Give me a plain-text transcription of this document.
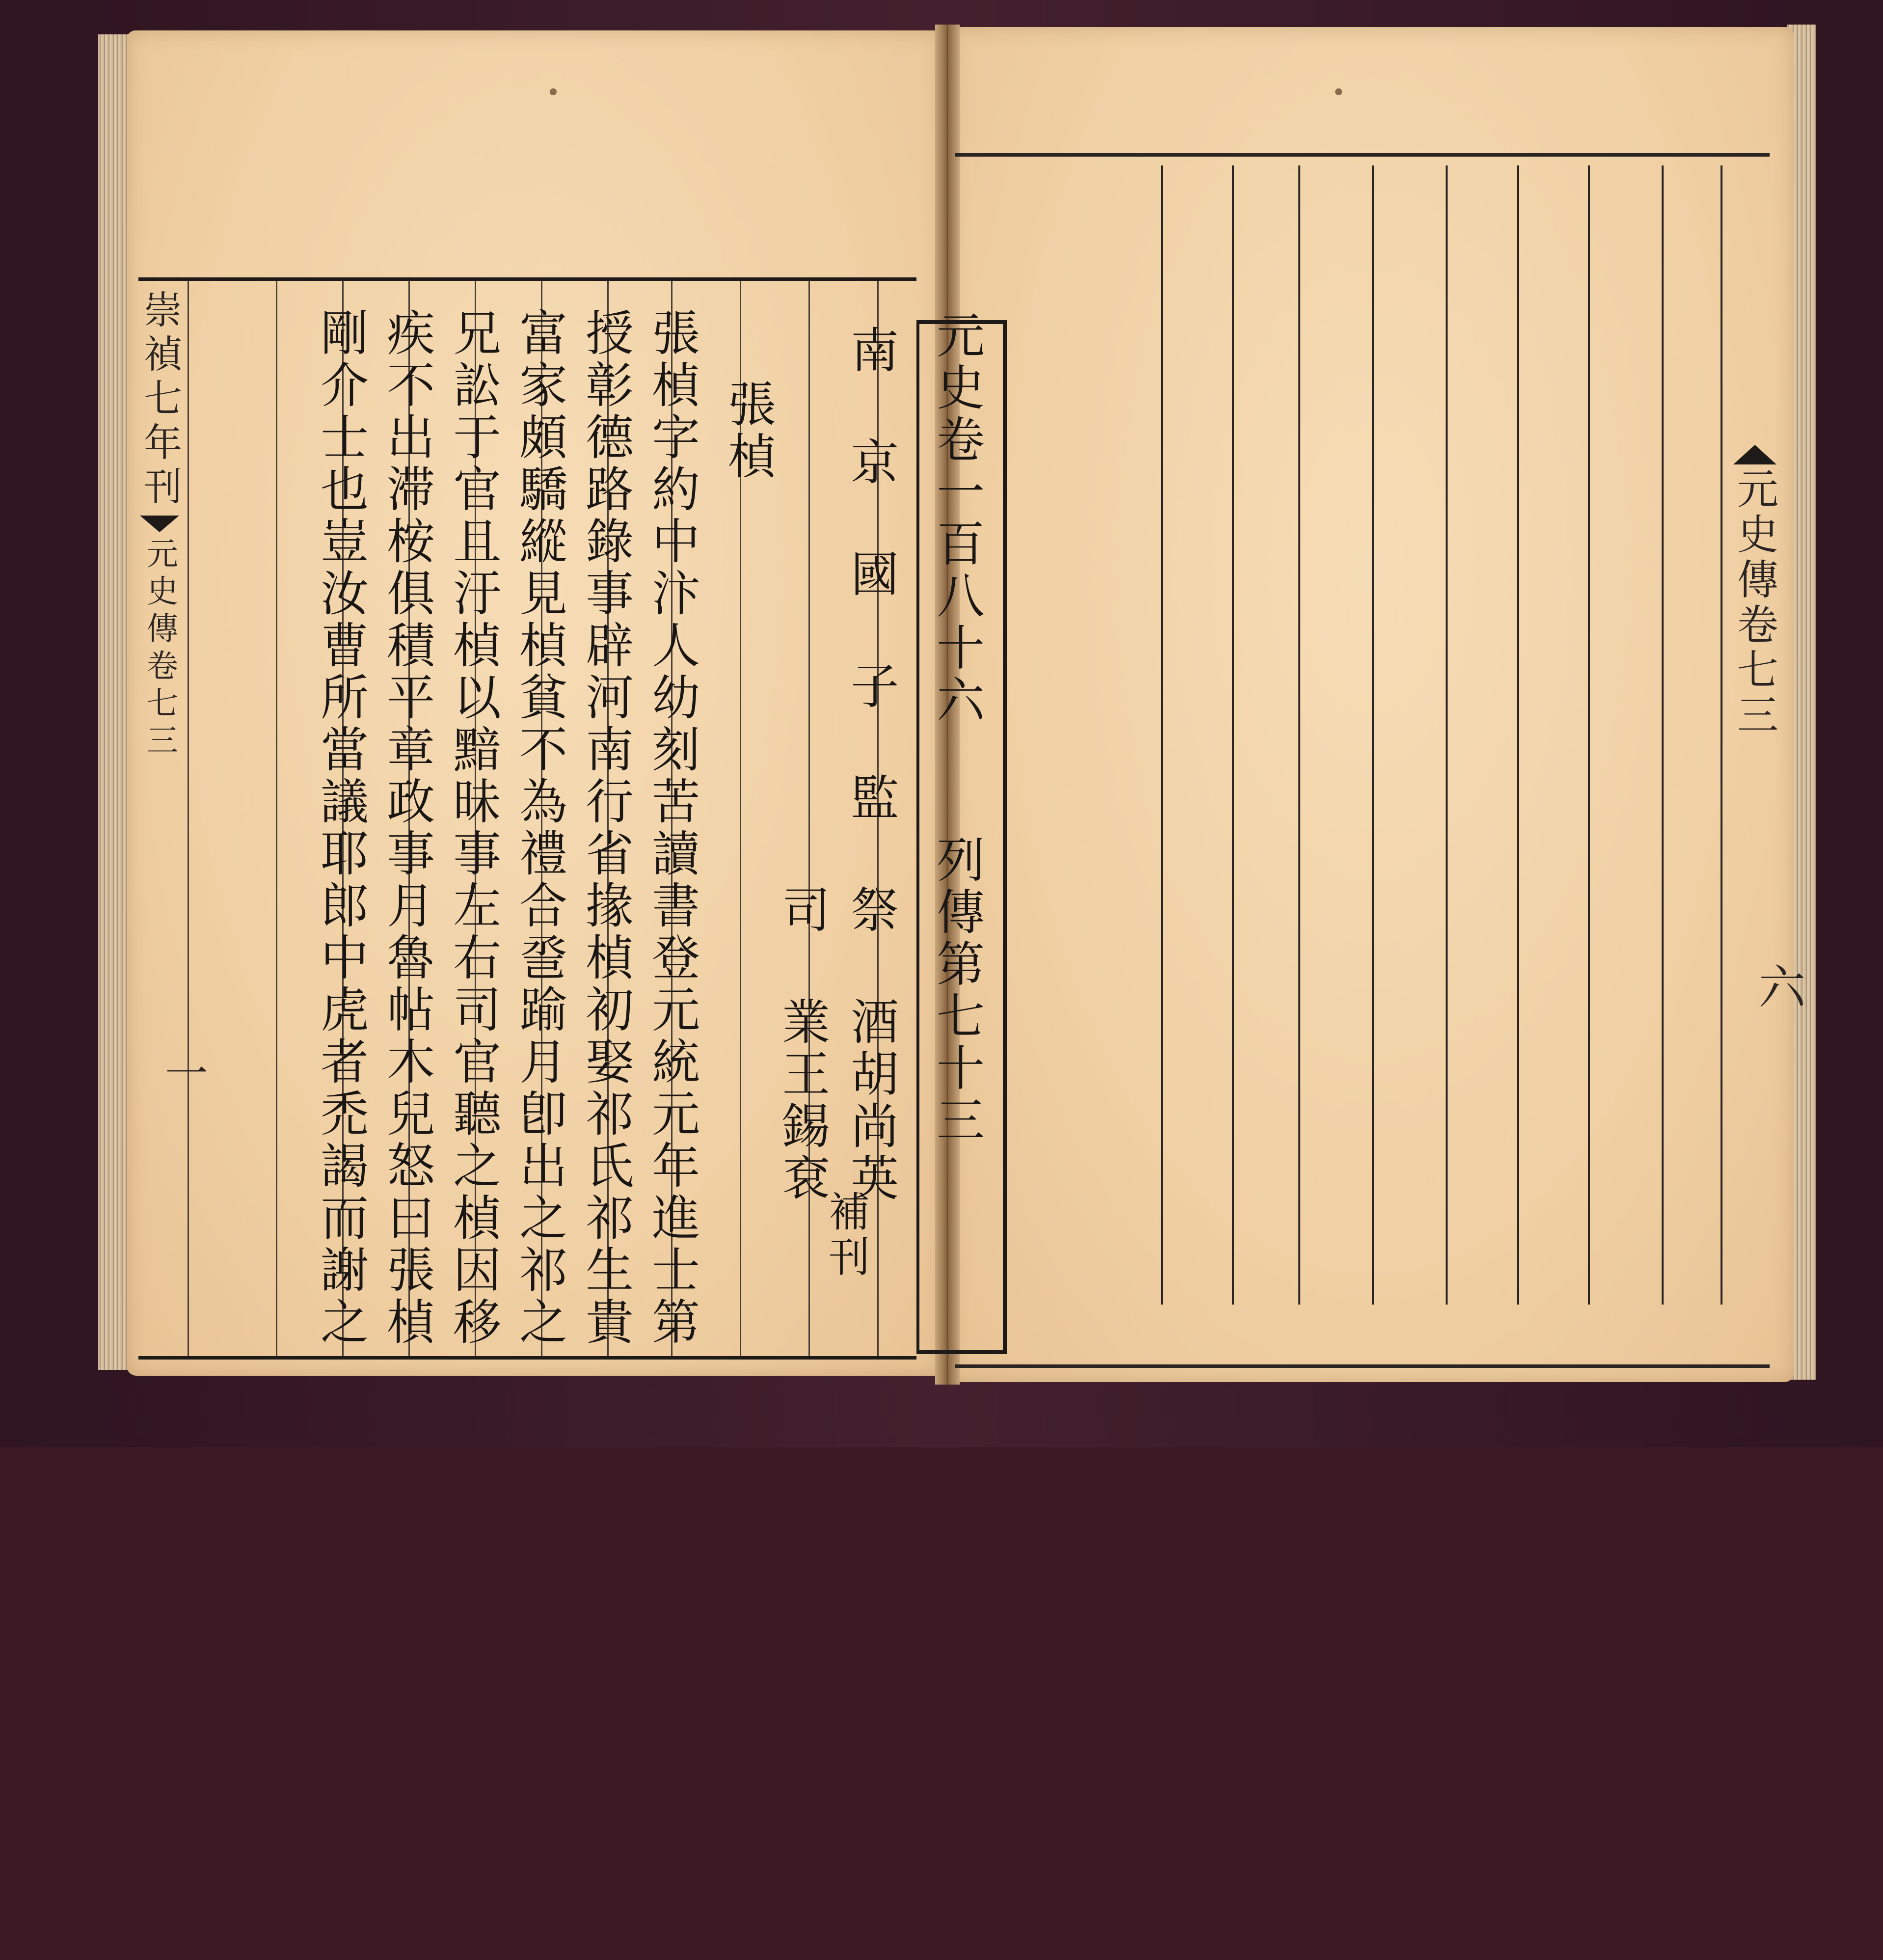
元史卷一百八十六
列傳第七十三
南 京 國 子 監 祭 酒胡尚英
補刊
司 業王錫袞
張楨
張楨字約中汴人幼刻苦讀書登元統元年進士第
授彰德路錄事辟河南行省掾楨初娶祁氏祁生貴
富家頗驕縱見楨貧不為禮合巹踰月卽出之祁之
兄訟于官且汙楨以黯昧事左右司官聽之楨因移
疾不出滞桉俱積平章政事月魯帖木兒怒曰張楨
剛介士也豈汝曹所當議耶郎中虎者禿謁而謝之
崇禎七年刊
元史傳卷七三
一
元史傳卷七三
六
